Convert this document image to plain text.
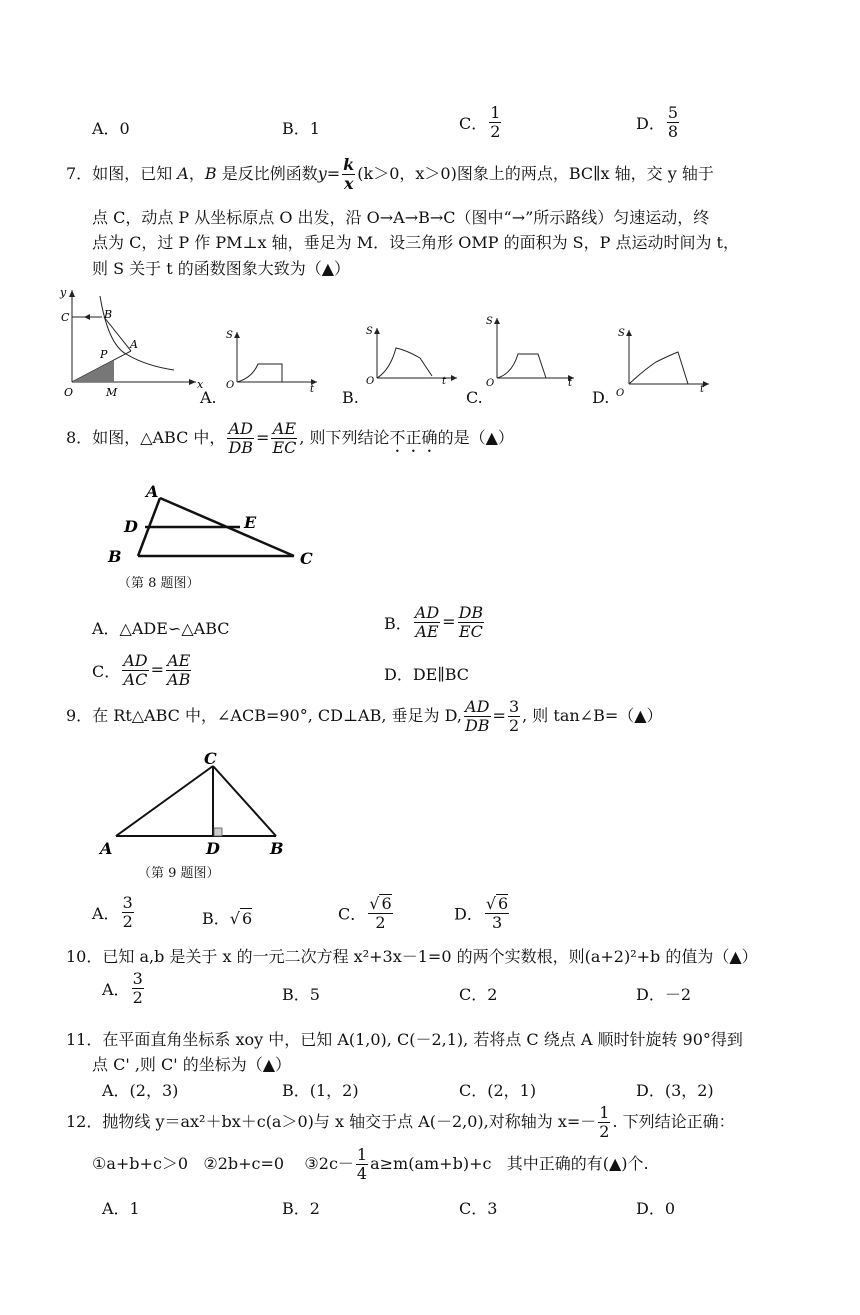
A．0	B．1	C． $\frac{1}{2}$	D． $\frac{5}{8}$
7．如图，已知 A，B 是反比例函数$y= \frac{k}{x} (k>0$，x＞0)图象上的两点，BC∥x 轴，交 y 轴于
点 C，动点 P 从坐标原点 O 出发，沿 O→A→B→C（图中“→”所示路线）匀速运动，终
点为 C，过 P 作 PM⊥x 轴，垂足为 M．设三角形 OMP 的面积为 S，P 点运动时间为 t，
则 S 关于 t 的函数图象大致为（▲）
y
x
O
C	B
A
P
M
S
O	t
A.
S
O	t
B.
S
O	t
C.
S
O	t
D.
8．如图，△ABC 中， $\frac{AD}{DB} = \frac{AE}{EC}$ , 则下列结论不正确的是（▲）
A
B	C
D	E
（第 8 题图）
A．△ADE∽△ABC	B． $\frac{AD}{AE} = \frac{DB}{EC}$
C． $\frac{AD}{AC} = \frac{AE}{AB}$	D．DE∥BC
9．在 Rt△ABC 中，∠ACB=90°, CD⊥AB, 垂足为 D, $\frac{AD}{DB} = \frac{3}{2}$ , 则 tan∠B=（▲）
C
A	D	B
（第 9 题图）
A． $\frac{3}{2}$	B．√ 6	C． $\frac{√ 6}{2}$	D． $\frac{√ 6}{3}$
10．已知 a,b 是关于 x 的一元二次方程 x²+3x－1=0 的两个实数根，则(a+2)²+b 的值为（▲）
A． $\frac{3}{2}$	B．5	C．2	D．－2
11．在平面直角坐标系 xoy 中，已知 A(1,0), C(－2,1), 若将点 C 绕点 A 顺时针旋转 90°得到
点 C' ,则 C' 的坐标为（▲）
A．(2，3)	B．(1，2)	C．(2，1)	D．(3，2)
12．抛物线 y＝ax²＋bx＋c(a＞0)与 x 轴交于点 A(－2,0),对称轴为 $x=- \frac{1}{2}$ . 下列结论正确：
①a+b+c＞0 ②2b+c=0 ③2c－ $\frac{1}{4} a\ge m(am+b)+c$ 其中正确的有(▲)个.
A．1	B．2	C．3	D．0
